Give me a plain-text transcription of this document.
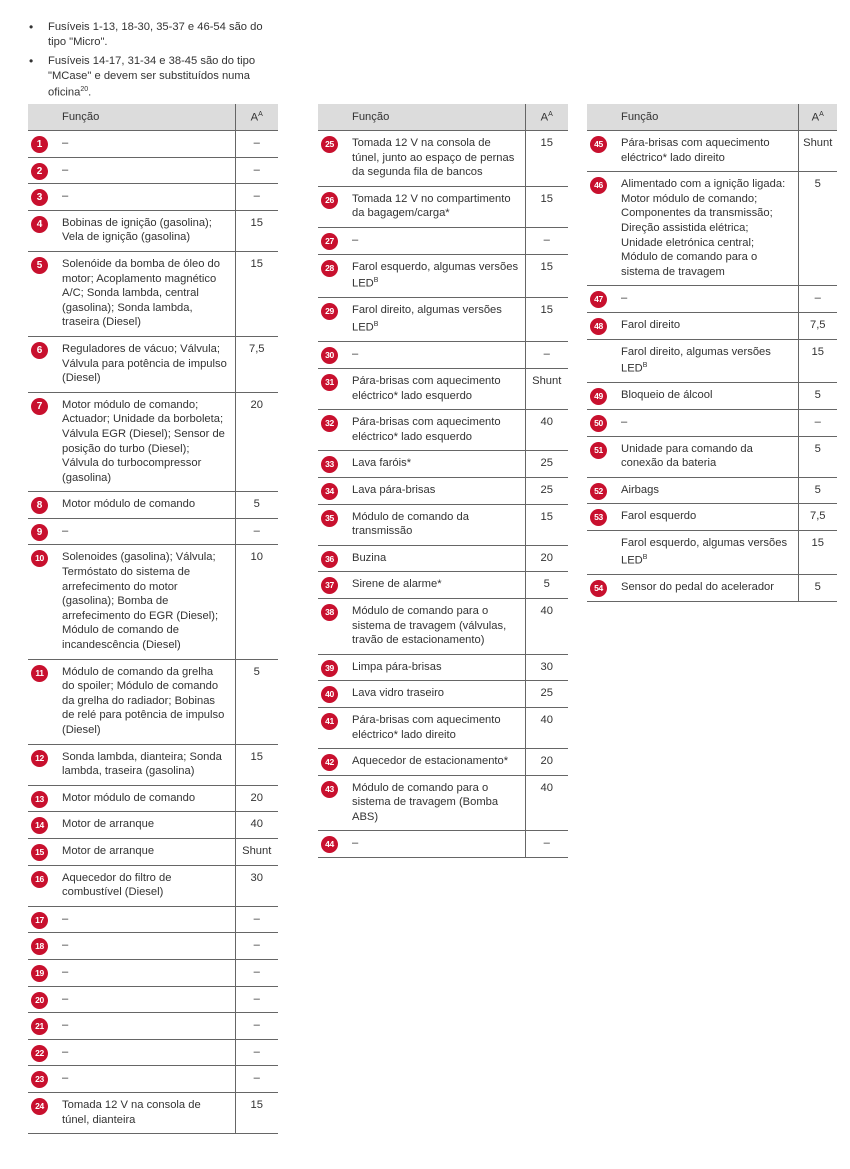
• Fusíveis 1-13, 18-30, 35-37 e 46-54 são do tipo "Micro".
• Fusíveis 14-17, 31-34 e 38-45 são do tipo "MCase" e devem ser substituídos numa oficina$^{20}$.
	Função	$A^A$
1	–	–
2	–	–
3	–	–
4	Bobinas de ignição (gasolina); Vela de ignição (gasolina)	15
5	Solenóide da bomba de óleo do motor; Acoplamento magnético A/C; Sonda lambda, central (gasolina); Sonda lambda, traseira (Diesel)	15
6	Reguladores de vácuo; Válvula; Válvula para potência de impulso (Diesel)	7,5
7	Motor módulo de comando; Actuador; Unidade da borboleta; Válvula EGR (Diesel); Sensor de posição do turbo (Diesel); Válvula do turbocompressor (gasolina)	20
8	Motor módulo de comando	5
9	–	–
10	Solenoides (gasolina); Válvula; Termóstato do sistema de arrefecimento do motor (gasolina); Bomba de arrefecimento do EGR (Diesel); Módulo de comando de incandescência (Diesel)	10
11	Módulo de comando da grelha do spoiler; Módulo de comando da grelha do radiador; Bobinas de relé para potência de impulso (Diesel)	5
12	Sonda lambda, dianteira; Sonda lambda, traseira (gasolina)	15
13	Motor módulo de comando	20
14	Motor de arranque	40
15	Motor de arranque	Shunt
16	Aquecedor do filtro de combustível (Diesel)	30
17	–	–
18	–	–
19	–	–
20	–	–
21	–	–
22	–	–
23	–	–
24	Tomada 12 V na consola de túnel, dianteira	15
	Função	$A^A$
25	Tomada 12 V na consola de túnel, junto ao espaço de pernas da segunda fila de bancos	15
26	Tomada 12 V no compartimento da bagagem/carga*	15
27	–	–
28	Farol esquerdo, algumas versões $LED^B$	15
29	Farol direito, algumas versões $LED^B$	15
30	–	–
31	Pára-brisas com aquecimento eléctrico* lado esquerdo	Shunt
32	Pára-brisas com aquecimento eléctrico* lado esquerdo	40
33	Lava faróis*	25
34	Lava pára-brisas	25
35	Módulo de comando da transmissão	15
36	Buzina	20
37	Sirene de alarme*	5
38	Módulo de comando para o sistema de travagem (válvulas, travão de estacionamento)	40
39	Limpa pára-brisas	30
40	Lava vidro traseiro	25
41	Pára-brisas com aquecimento eléctrico* lado direito	40
42	Aquecedor de estacionamento*	20
43	Módulo de comando para o sistema de travagem (Bomba ABS)	40
44	–	–
	Função	$A^A$
45	Pára-brisas com aquecimento eléctrico* lado direito	Shunt
46	Alimentado com a ignição ligada: Motor módulo de comando; Componentes da transmissão; Direção assistida elétrica; Unidade eletrónica central; Módulo de comando para o sistema de travagem	5
47	–	–
48	Farol direito	7,5
	Farol direito, algumas versões $LED^B$	15
49	Bloqueio de álcool	5
50	–	–
51	Unidade para comando da conexão da bateria	5
52	Airbags	5
53	Farol esquerdo	7,5
	Farol esquerdo, algumas versões $LED^B$	15
54	Sensor do pedal do acelerador	5
